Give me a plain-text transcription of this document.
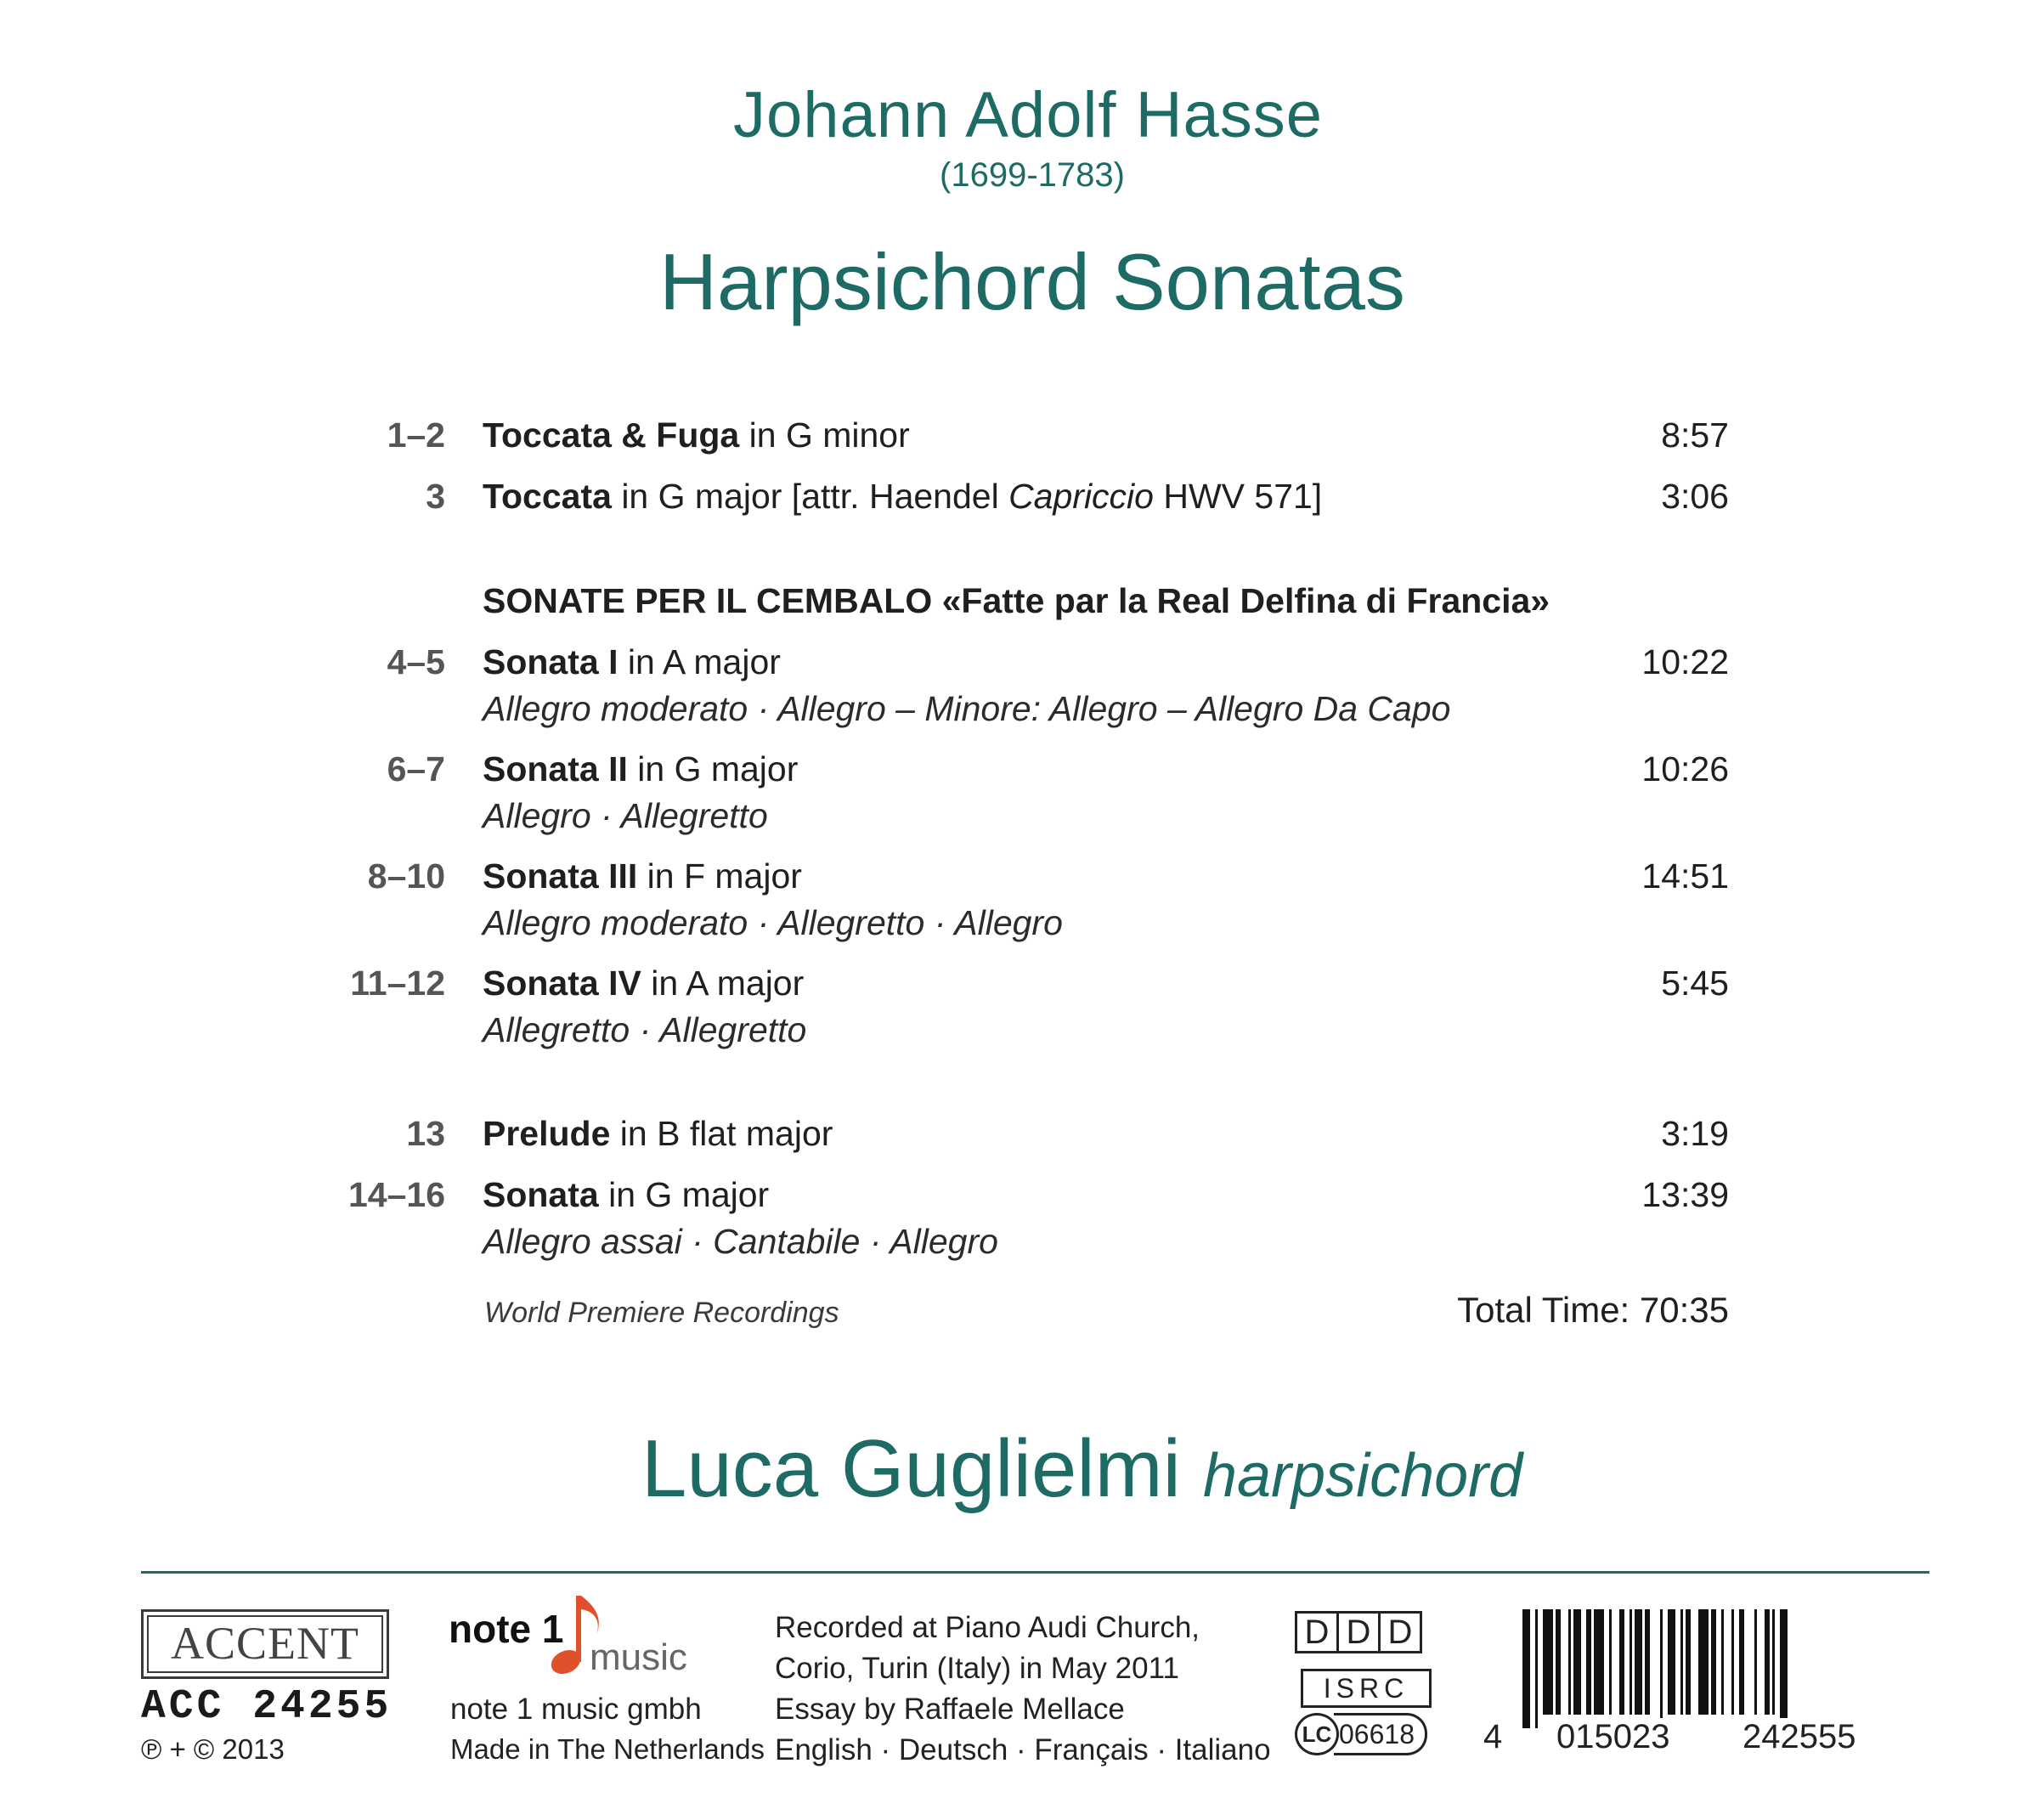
Johann Adolf Hasse
(1699-1783)
Harpsichord Sonatas
1–2 Toccata & Fuga in G minor	8:57
3 Toccata in G major [attr. Haendel Capriccio HWV 571]	3:06
SONATE PER IL CEMBALO «Fatte par la Real Delfina di Francia»
4–5 Sonata I in A major	10:22
Allegro moderato · Allegro – Minore: Allegro – Allegro Da Capo
6–7 Sonata II in G major	10:26
Allegro · Allegretto
8–10 Sonata III in F major	14:51
Allegro moderato · Allegretto · Allegro
11–12 Sonata IV in A major	5:45
Allegretto · Allegretto
13 Prelude in B flat major	3:19
14–16 Sonata in G major	13:39
Allegro assai · Cantabile · Allegro
World Premiere Recordings	Total Time: 70:35
Luca Guglielmi harpsichord
ACCENT
ACC 24255
℗ + © 2013
note 1
music
note 1 music gmbh
Made in The Netherlands
Recorded at Piano Audi Church,
Corio, Turin (Italy) in May 2011
Essay by Raffaele Mellace
English · Deutsch · Français · Italiano
D D D
ISRC
LC 06618	4 015023 242555
